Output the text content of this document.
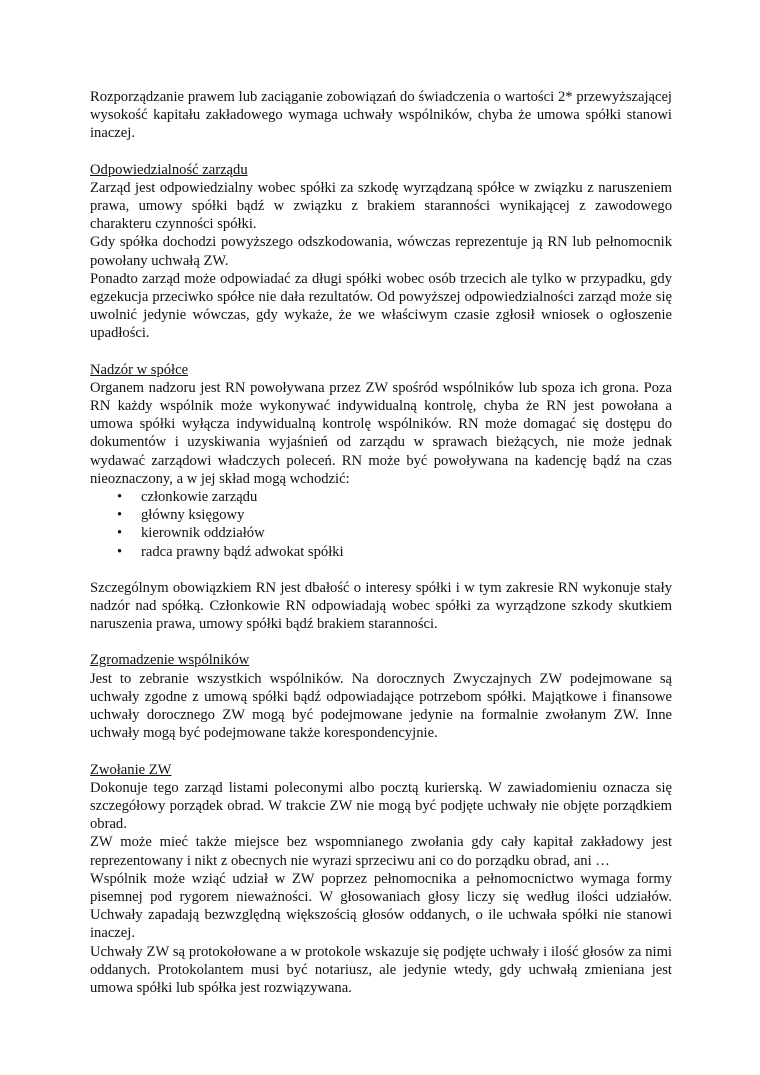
Rozporządzanie prawem lub zaciąganie zobowiązań do świadczenia o wartości 2* przewyższającej wysokość kapitału zakładowego wymaga uchwały wspólników, chyba że umowa spółki stanowi inaczej.

Odpowiedzialność zarządu

Zarząd jest odpowiedzialny wobec spółki za szkodę wyrządzaną spółce w związku z naruszeniem prawa, umowy spółki bądź w związku z brakiem staranności wynikającej z zawodowego charakteru czynności spółki.

Gdy spółka dochodzi powyższego odszkodowania, wówczas reprezentuje ją RN lub pełnomocnik powołany uchwałą ZW.

Ponadto zarząd może odpowiadać za długi spółki wobec osób trzecich ale tylko w przypadku, gdy egzekucja przeciwko spółce nie dała rezultatów. Od powyższej odpowiedzialności zarząd może się uwolnić jedynie wówczas, gdy wykaże, że we właściwym czasie zgłosił wniosek o ogłoszenie upadłości.

Nadzór w spółce

Organem nadzoru jest RN powoływana przez ZW spośród wspólników lub spoza ich grona. Poza RN każdy wspólnik może wykonywać indywidualną kontrolę, chyba że RN jest powołana a umowa spółki wyłącza indywidualną kontrolę wspólników. RN może domagać się dostępu do dokumentów i uzyskiwania wyjaśnień od zarządu w sprawach bieżących, nie może jednak wydawać zarządowi władczych poleceń. RN może być powoływana na kadencję bądź na czas nieoznaczony, a w jej skład mogą wchodzić:

• członkowie zarządu
• główny księgowy
• kierownik oddziałów
• radca prawny bądź adwokat spółki

Szczególnym obowiązkiem RN jest dbałość o interesy spółki i w tym zakresie RN wykonuje stały nadzór nad spółką. Członkowie RN odpowiadają wobec spółki za wyrządzone szkody skutkiem naruszenia prawa, umowy spółki bądź brakiem staranności.

Zgromadzenie wspólników

Jest to zebranie wszystkich wspólników. Na dorocznych Zwyczajnych ZW podejmowane są uchwały zgodne z umową spółki bądź odpowiadające potrzebom spółki. Majątkowe i finansowe uchwały dorocznego ZW mogą być podejmowane jedynie na formalnie zwołanym ZW. Inne uchwały mogą być podejmowane także korespondencyjnie.

Zwołanie ZW

Dokonuje tego zarząd listami poleconymi albo pocztą kurierską. W zawiadomieniu oznacza się szczegółowy porządek obrad. W trakcie ZW nie mogą być podjęte uchwały nie objęte porządkiem obrad.

ZW może mieć także miejsce bez wspomnianego zwołania gdy cały kapitał zakładowy jest reprezentowany i nikt z obecnych nie wyrazi sprzeciwu ani co do porządku obrad, ani …

Wspólnik może wziąć udział w ZW poprzez pełnomocnika a pełnomocnictwo wymaga formy pisemnej pod rygorem nieważności. W głosowaniach głosy liczy się według ilości udziałów. Uchwały zapadają bezwzględną większością głosów oddanych, o ile uchwała spółki nie stanowi inaczej.

Uchwały ZW są protokołowane a w protokole wskazuje się podjęte uchwały i ilość głosów za nimi oddanych. Protokolantem musi być notariusz, ale jedynie wtedy, gdy uchwałą zmieniana jest umowa spółki lub spółka jest rozwiązywana.
